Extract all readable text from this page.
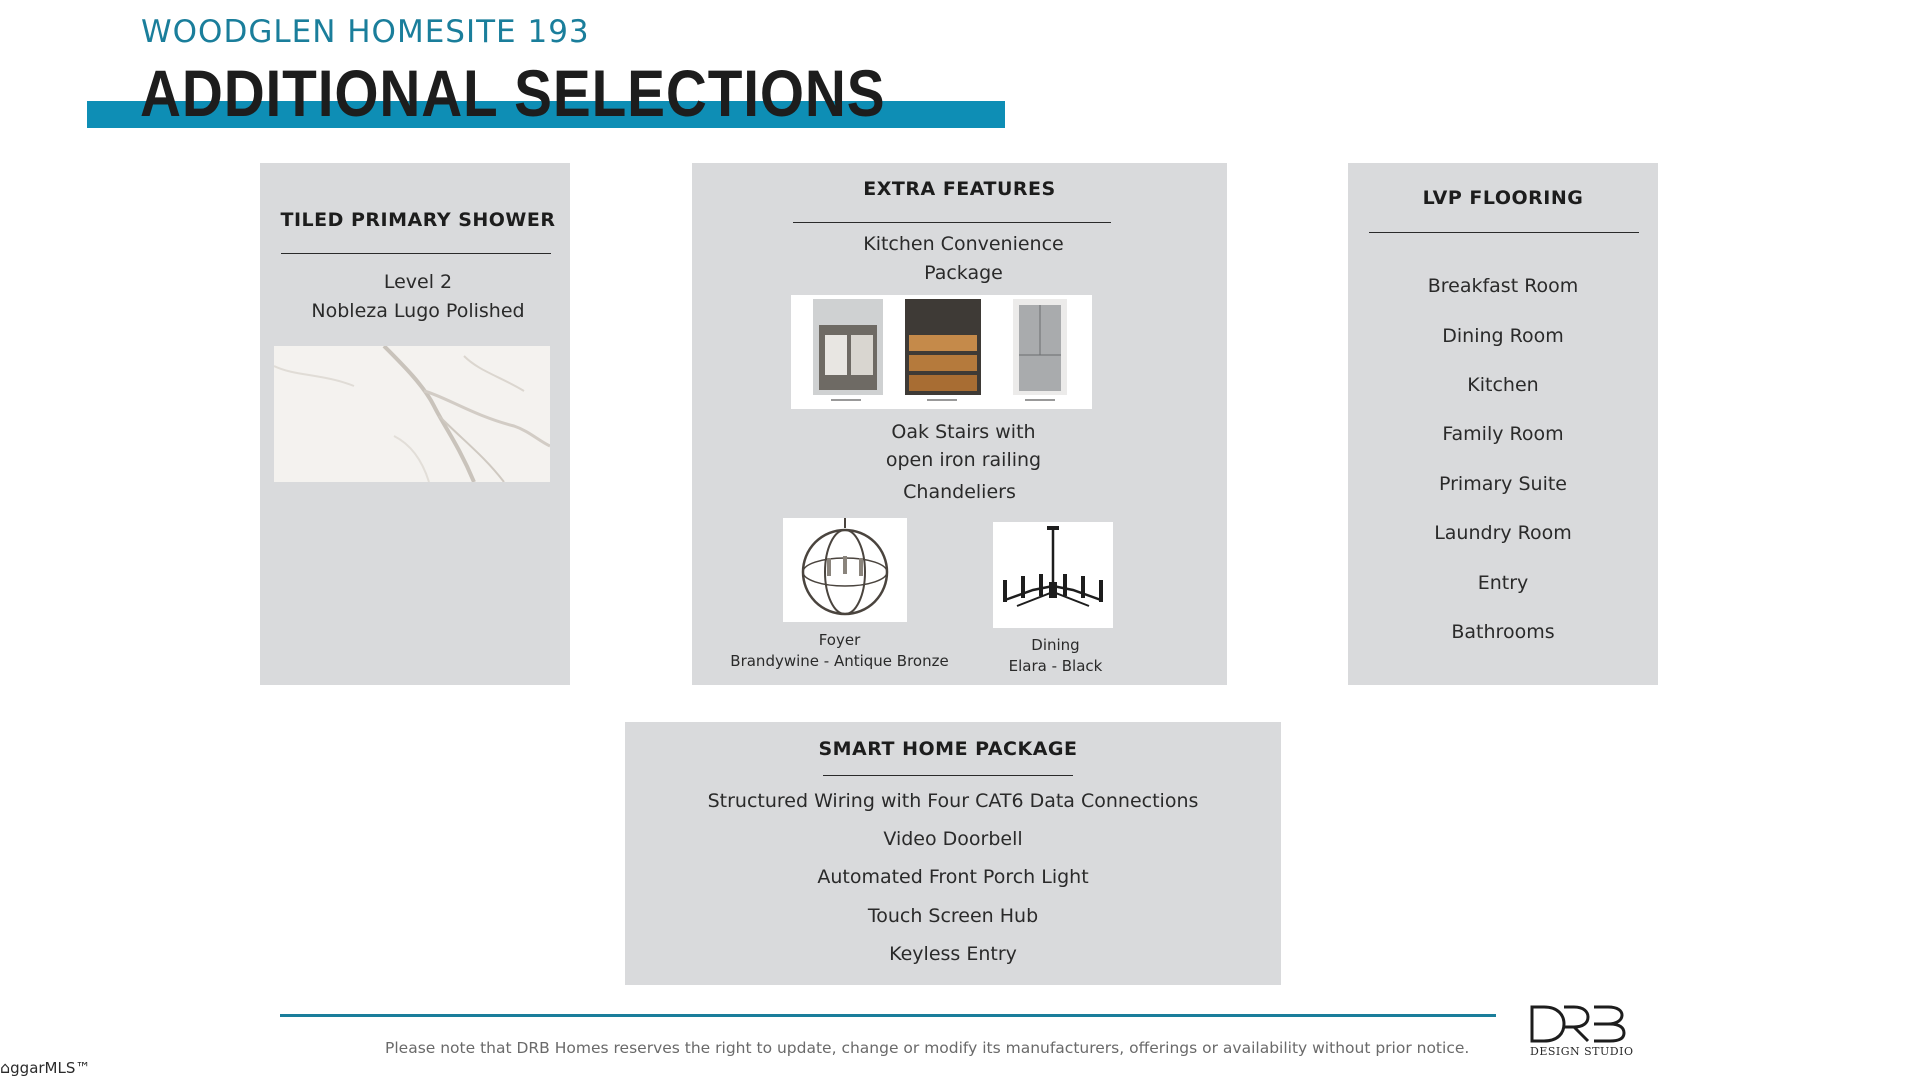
WOODGLEN HOMESITE 193
ADDITIONAL SELECTIONS
TILED PRIMARY SHOWER
Level 2
Nobleza Lugo Polished
EXTRA FEATURES
Kitchen Convenience
Package
Oak Stairs with
open iron railing
Chandeliers
Foyer
Brandywine - Antique Bronze
Dining
Elara - Black
LVP FLOORING
Breakfast Room
Dining Room
Kitchen
Family Room
Primary Suite
Laundry Room
Entry
Bathrooms
SMART HOME PACKAGE
Structured Wiring with Four CAT6 Data Connections
Video Doorbell
Automated Front Porch Light
Touch Screen Hub
Keyless Entry
Please note that DRB Homes reserves the right to update, change or modify its manufacturers, offerings or availability without prior notice.	DESIGN STUDIO
⌂ggarMLS™
